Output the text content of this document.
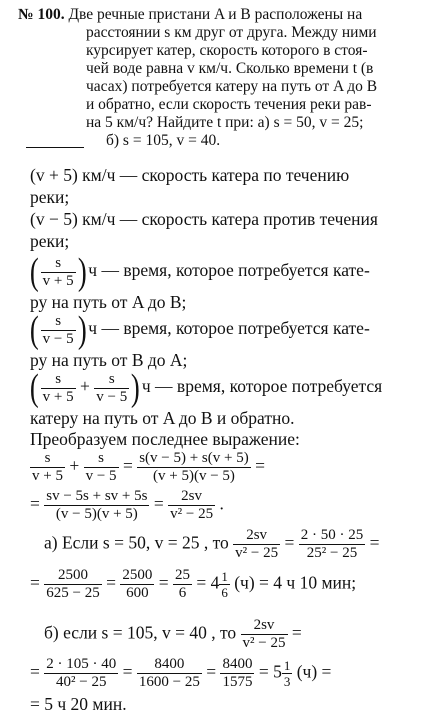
№ 100. Две речные пристани A и B расположены на
расстоянии s км друг от друга. Между ними
курсирует катер, скорость которого в стоя-
чей воде равна v км/ч. Сколько времени t (в
часах) потребуется катеру на путь от A до B
и обратно, если скорость течения реки рав-
на 5 км/ч? Найдите t при: а) s = 50, v = 25;
б) s = 105, v = 40.
(v + 5) км/ч — скорость катера по течению
реки;
(v − 5) км/ч — скорость катера против течения
реки;
( $\frac{s}{v + 5}$ ) ч — время, которое потребуется кате-
ру на путь от A до B;
( $\frac{s}{v - 5}$ ) ч — время, которое потребуется кате-
ру на путь от B до A;
( $\frac{s}{v + 5} + \frac{s}{v - 5}$ ) ч — время, которое потребуется
катеру на путь от A до B и обратно.
Преобразуем последнее выражение:
$\frac{s}{v + 5} + \frac{s}{v - 5} = \frac{s(v - 5) + s(v + 5)}{(v + 5)(v - 5)}$ =
= $\frac{sv - 5s + sv + 5s}{(v - 5)(v + 5)} = \frac{2sv}{\text{v² − 25}}$ .
а) Если s = 50, v = 25 , то $\frac{2sv}{\text{v² − 25}} = \frac{2 \cdot 50 \cdot 25}{\text{25² − 25}}$ =
= $\frac{2500}{625 - 25} = \frac{2500}{600} = \frac{25}{6} = 4 \frac{1}{6} (ч) = 4$ ч 10 мин;
б) если s = 105, v = 40 , то $\frac{2sv}{\text{v² − 25}}$ =
= $\frac{2 \cdot 105 \cdot 40}{\text{40² − 25}} = \frac{8400}{1600 - 25} = \frac{8400}{1575} = 5 \frac{1}{3} (ч)$ =
= 5 ч 20 мин.
